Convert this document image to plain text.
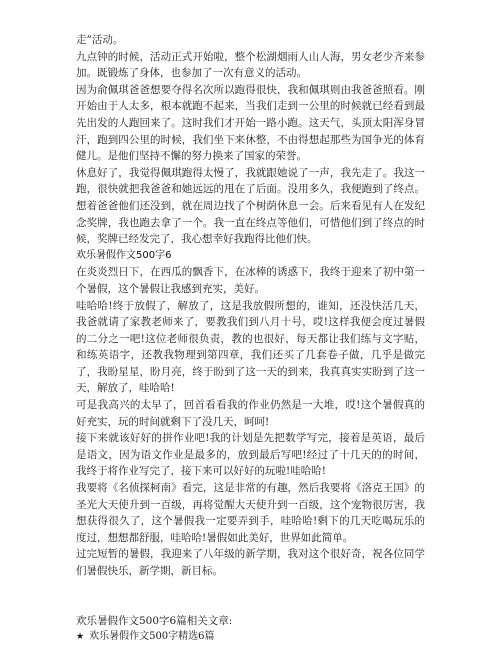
走”活动。

九点钟的时候，活动正式开始啦，整个松湖烟雨人山人海，男女老少齐来参加。既锻炼了身体，也参加了一次有意义的活动。

因为俞佩琪爸爸想要夺得名次所以跑得很快，我和佩琪则由我爸爸照看。刚开始由于人太多，根本就跑不起来，当我们走到一公里的时候就已经看到最先出发的人跑回来了。这时我们才开始一路小跑。这天气，头顶太阳浑身冒汗，跑到四公里的时候，我们坐下来休整，不由得想起那些为国争光的体育健儿。是他们坚持不懈的努力换来了国家的荣誉。

休息好了，我觉得佩琪跑得太慢了，我就跟她说了一声，我先走了。我这一跑，很快就把我爸爸和她远远的甩在了后面。没用多久，我便跑到了终点。想着爸爸他们还没到，就在周边找了个树荫休息一会。后来看见有人在发纪念奖牌，我也跑去拿了一个。我一直在终点等他们，可惜他们到了终点的时候，奖牌已经发完了，我心想幸好我跑得比他们快。

欢乐暑假作文500字6

在炎炎烈日下，在西瓜的飘香下，在冰棒的诱惑下，我终于迎来了初中第一个暑假，这个暑假让我感到充实，美好。

哇哈哈!终于放假了，解放了，这是我放假所想的，谁知，还没快活几天，我爸就请了家教老师来了，要教我们到八月十号，哎!这样我便会度过暑假的二分之一吧!这位老师很负责，教的也很好，每天都让我们练与文字贴，和练英语字，还教我物理到第四章，我们还买了几套卷子做，几乎是做完了，我盼星星，盼月亮，终于盼到了这一天的到来，我真真实实盼到了这一天，解放了，哇哈哈!

可是我高兴的太早了，回首看看我的作业仍然是一大堆，哎!这个暑假真的好充实，玩的时间就剩下了没几天，呵呵!

接下来就该好好的拼作业吧!我的计划是先把数学写完，接着是英语，最后是语文，因为语文作业是最多的，放到最后写吧!经过了十几天的的时间，我终于将作业写完了，接下来可以好好的玩啦!哇哈哈!

我要将《名侦探柯南》看完，这是非常的有趣，然后我要将《洛克王国》的圣光大天使升到一百级，再将觉醒大天使升到一百级，这个宠物很厉害，我想获得很久了，这个暑假我一定要弄到手，哇哈哈!剩下的几天吃喝玩乐的度过，想想都舒服，哇哈哈!暑假如此美好，世界如此简单。

过完短暂的暑假，我迎来了八年级的新学期，我对这个很好奇，祝各位同学们暑假快乐，新学期，新目标。

欢乐暑假作文500字6篇相关文章:

★ 欢乐暑假作文500字精选6篇
